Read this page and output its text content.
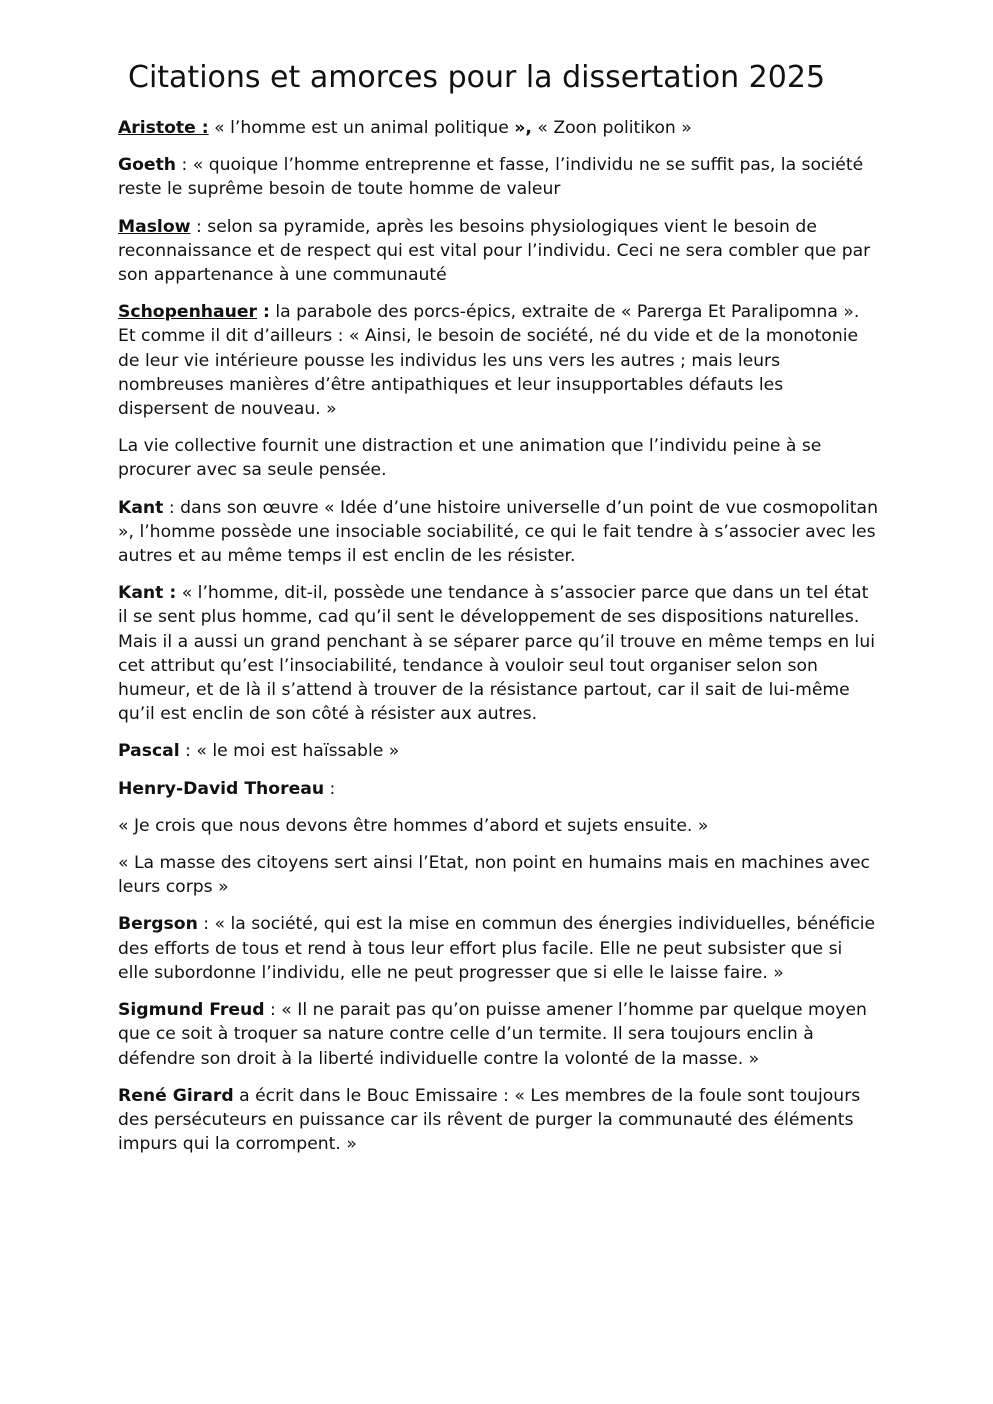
Citations et amorces pour la dissertation 2025

Aristote : « l’homme est un animal politique », « Zoon politikon »

Goeth : « quoique l’homme entreprenne et fasse, l’individu ne se suffit pas, la société reste le suprême besoin de toute homme de valeur

Maslow : selon sa pyramide, après les besoins physiologiques vient le besoin de reconnaissance et de respect qui est vital pour l’individu. Ceci ne sera combler que par son appartenance à une communauté

Schopenhauer : la parabole des porcs-épics, extraite de « Parerga Et Paralipomna ». Et comme il dit d’ailleurs : « Ainsi, le besoin de société, né du vide et de la monotonie de leur vie intérieure pousse les individus les uns vers les autres ; mais leurs nombreuses manières d’être antipathiques et leur insupportables défauts les dispersent de nouveau. »

La vie collective fournit une distraction et une animation que l’individu peine à se procurer avec sa seule pensée.

Kant : dans son œuvre « Idée d’une histoire universelle d’un point de vue cosmopolitan », l’homme possède une insociable sociabilité, ce qui le fait tendre à s’associer avec les autres et au même temps il est enclin de les résister.

Kant : « l’homme, dit-il, possède une tendance à s’associer parce que dans un tel état il se sent plus homme, cad qu’il sent le développement de ses dispositions naturelles. Mais il a aussi un grand penchant à se séparer parce qu’il trouve en même temps en lui cet attribut qu’est l’insociabilité, tendance à vouloir seul tout organiser selon son humeur, et de là il s’attend à trouver de la résistance partout, car il sait de lui-même qu’il est enclin de son côté à résister aux autres.

Pascal : « le moi est haïssable »

Henry-David Thoreau :

« Je crois que nous devons être hommes d’abord et sujets ensuite. »

« La masse des citoyens sert ainsi l’Etat, non point en humains mais en machines avec leurs corps »

Bergson : « la société, qui est la mise en commun des énergies individuelles, bénéficie des efforts de tous et rend à tous leur effort plus facile. Elle ne peut subsister que si elle subordonne l’individu, elle ne peut progresser que si elle le laisse faire. »

Sigmund Freud : « Il ne parait pas qu’on puisse amener l’homme par quelque moyen que ce soit à troquer sa nature contre celle d’un termite. Il sera toujours enclin à défendre son droit à la liberté individuelle contre la volonté de la masse. »

René Girard a écrit dans le Bouc Emissaire : « Les membres de la foule sont toujours des persécuteurs en puissance car ils rêvent de purger la communauté des éléments impurs qui la corrompent. »
